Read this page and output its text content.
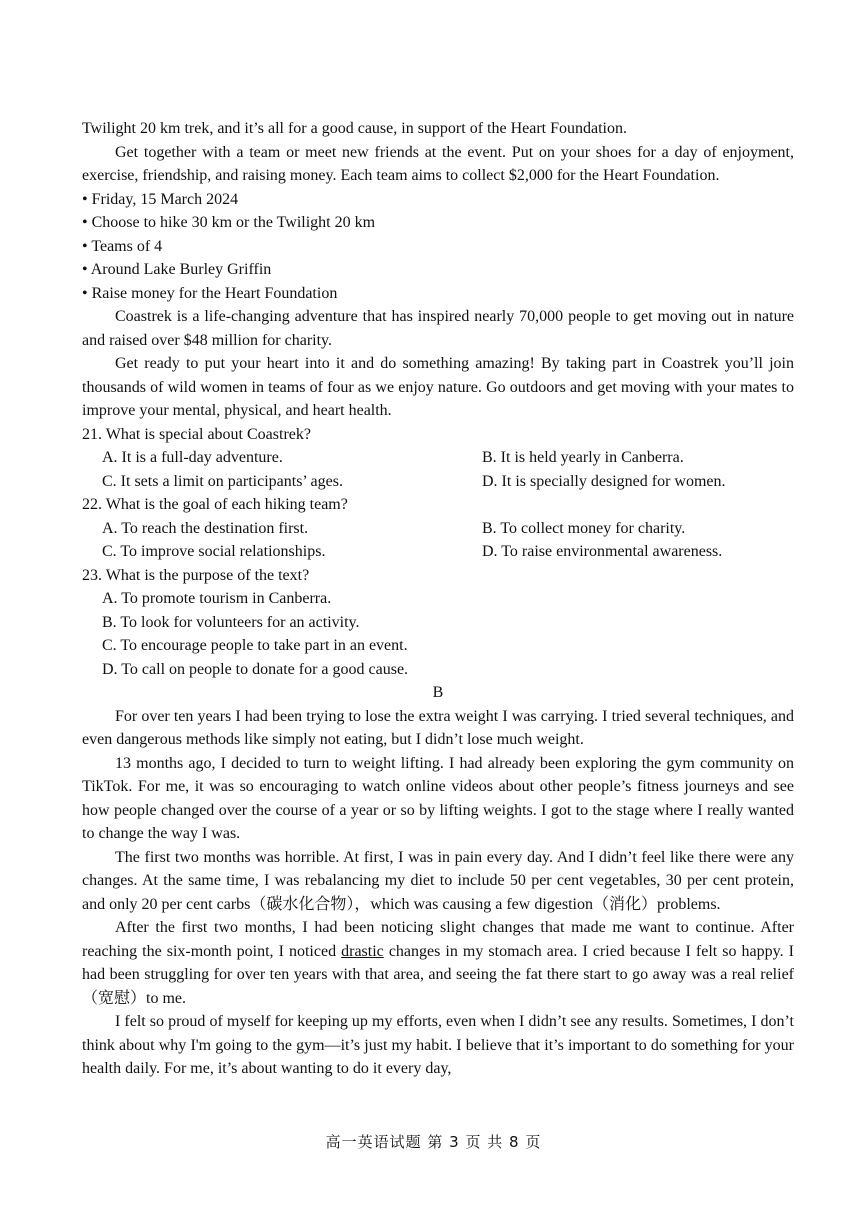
Twilight 20 km trek, and it’s all for a good cause, in support of the Heart Foundation.

Get together with a team or meet new friends at the event. Put on your shoes for a day of enjoyment, exercise, friendship, and raising money. Each team aims to collect $2,000 for the Heart Foundation.

• Friday, 15 March 2024

• Choose to hike 30 km or the Twilight 20 km

• Teams of 4

• Around Lake Burley Griffin

• Raise money for the Heart Foundation

Coastrek is a life-changing adventure that has inspired nearly 70,000 people to get moving out in nature and raised over $48 million for charity.

Get ready to put your heart into it and do something amazing! By taking part in Coastrek you’ll join thousands of wild women in teams of four as we enjoy nature. Go outdoors and get moving with your mates to improve your mental, physical, and heart health.

21. What is special about Coastrek?

A. It is a full-day adventure.	B. It is held yearly in Canberra.
C. It sets a limit on participants’ ages.	D. It is specially designed for women.

22. What is the goal of each hiking team?

A. To reach the destination first.	B. To collect money for charity.
C. To improve social relationships.	D. To raise environmental awareness.

23. What is the purpose of the text?

A. To promote tourism in Canberra.
B. To look for volunteers for an activity.
C. To encourage people to take part in an event.
D. To call on people to donate for a good cause.

B

For over ten years I had been trying to lose the extra weight I was carrying. I tried several techniques, and even dangerous methods like simply not eating, but I didn’t lose much weight.

13 months ago, I decided to turn to weight lifting. I had already been exploring the gym community on TikTok. For me, it was so encouraging to watch online videos about other people’s fitness journeys and see how people changed over the course of a year or so by lifting weights. I got to the stage where I really wanted to change the way I was.

The first two months was horrible. At first, I was in pain every day. And I didn’t feel like there were any changes. At the same time, I was rebalancing my diet to include 50 per cent vegetables, 30 per cent protein, and only 20 per cent carbs（碳水化合物），which was causing a few digestion（消化）problems.

After the first two months, I had been noticing slight changes that made me want to continue. After reaching the six-month point, I noticed drastic changes in my stomach area. I cried because I felt so happy. I had been struggling for over ten years with that area, and seeing the fat there start to go away was a real relief（宽慰）to me.

I felt so proud of myself for keeping up my efforts, even when I didn’t see any results. Sometimes, I don’t think about why I'm going to the gym—it’s just my habit. I believe that it’s important to do something for your health daily. For me, it’s about wanting to do it every day,

高一英语试题 第 3 页 共 8 页
